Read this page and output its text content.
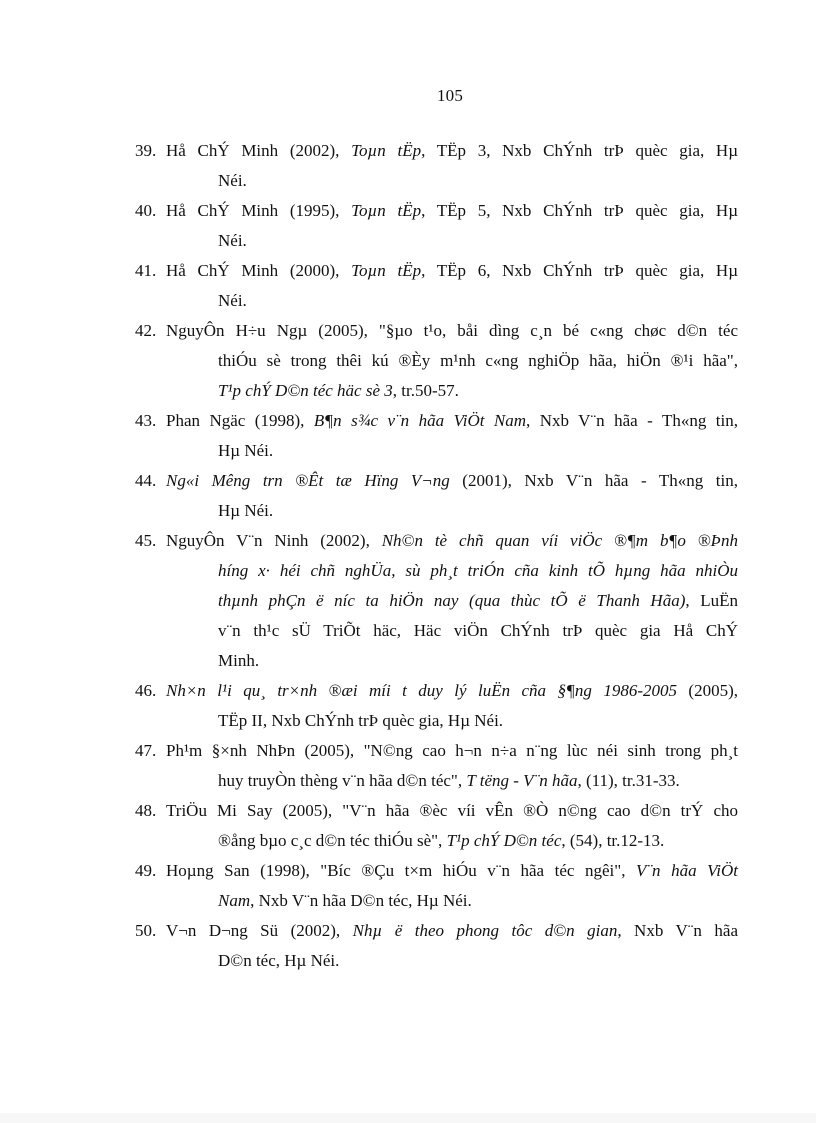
105
39. Hå ChÝ Minh (2002), Toµn tËp, TËp 3, Nxb ChÝnh trÞ quèc gia, Hµ
Néi.
40. Hå ChÝ Minh (1995), Toµn tËp, TËp 5, Nxb ChÝnh trÞ quèc gia, Hµ
Néi.
41. Hå ChÝ Minh (2000), Toµn tËp, TËp 6, Nxb ChÝnh trÞ quèc gia, Hµ
Néi.
42. NguyÔn H÷u Ngµ (2005), "§µo t¹o, båi dìng c¸n bé c«ng chøc d©n téc
thiÓu sè trong thêi kú ®Èy m¹nh c«ng nghiÖp hãa, hiÖn ®¹i hãa",
T¹p chÝ D©n téc häc sè 3, tr.50-57.
43. Phan Ngäc (1998), B¶n s¾c v¨n hãa ViÖt Nam, Nxb V¨n hãa - Th«ng tin,
Hµ Néi.
44. Ng«i Mêng trn ®Êt tæ Hïng V¬ng (2001), Nxb V¨n hãa - Th«ng tin,
Hµ Néi.
45. NguyÔn V¨n Ninh (2002), Nh©n tè chñ quan víi viÖc ®¶m b¶o ®Þnh
híng x· héi chñ nghÜa, sù ph¸t triÓn cña kinh tÕ hµng hãa nhiÒu
thµnh phÇn ë níc ta hiÖn nay (qua thùc tÕ ë Thanh Hãa), LuËn
v¨n th¹c sÜ TriÕt häc, Häc viÖn ChÝnh trÞ quèc gia Hå ChÝ
Minh.
46. Nh×n l¹i qu¸ tr×nh ®æi míi t duy lý luËn cña §¶ng 1986-2005 (2005),
TËp II, Nxb ChÝnh trÞ quèc gia, Hµ Néi.
47. Ph¹m §×nh NhÞn (2005), "N©ng cao h¬n n÷a n¨ng lùc néi sinh trong ph¸t
huy truyÒn thèng v¨n hãa d©n téc", T tëng - V¨n hãa, (11), tr.31-33.
48. TriÖu Mi Say (2005), "V¨n hãa ®èc víi vÊn ®Ò n©ng cao d©n trÝ cho
®ång bµo c¸c d©n téc thiÓu sè", T¹p chÝ D©n téc, (54), tr.12-13.
49. Hoµng San (1998), "Bíc ®Çu t×m hiÓu v¨n hãa téc ngêi", V¨n hãa ViÖt
Nam, Nxb V¨n hãa D©n téc, Hµ Néi.
50. V¬n D¬ng Sü (2002), Nhµ ë theo phong tôc d©n gian, Nxb V¨n hãa
D©n téc, Hµ Néi.
